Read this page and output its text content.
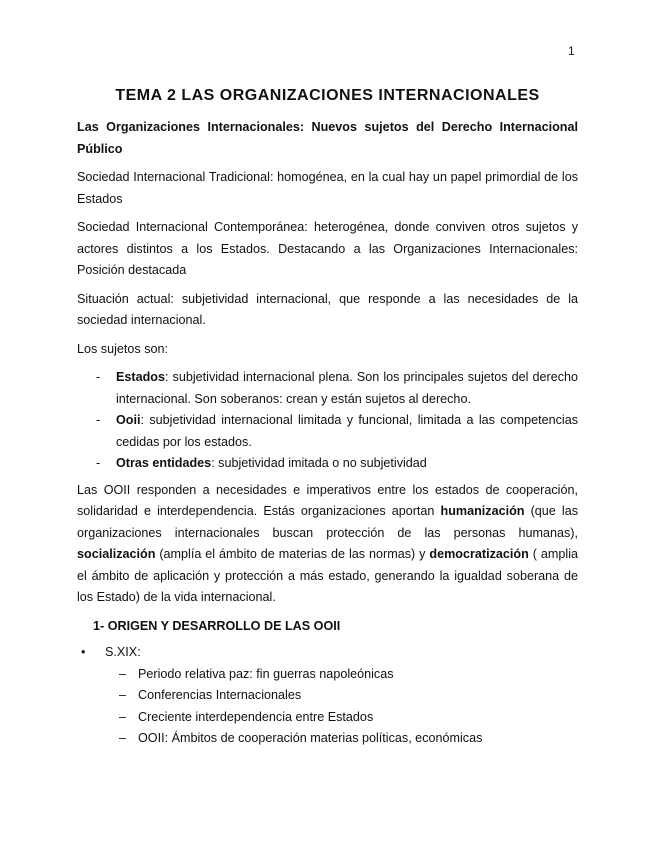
1
TEMA 2 LAS ORGANIZACIONES INTERNACIONALES

Las Organizaciones Internacionales: Nuevos sujetos del Derecho Internacional Público

Sociedad Internacional Tradicional: homogénea, en la cual hay un papel primordial de los Estados

Sociedad Internacional Contemporánea: heterogénea, donde conviven otros sujetos y actores distintos a los Estados. Destacando a las Organizaciones Internacionales: Posición destacada

Situación actual: subjetividad internacional, que responde a las necesidades de la sociedad internacional.

Los sujetos son:

- Estados: subjetividad internacional plena. Son los principales sujetos del derecho internacional. Son soberanos: crean y están sujetos al derecho.
- Ooii: subjetividad internacional limitada y funcional, limitada a las competencias cedidas por los estados.
- Otras entidades: subjetividad imitada o no subjetividad

Las OOII responden a necesidades e imperativos entre los estados de cooperación, solidaridad e interdependencia. Estás organizaciones aportan humanización (que las organizaciones internacionales buscan protección de las personas humanas), socialización (amplía el ámbito de materias de las normas) y democratización ( amplia el ámbito de aplicación y protección a más estado, generando la igualdad soberana de los Estado) de la vida internacional.

1- ORIGEN Y DESARROLLO DE LAS OOII
• S.XIX:
– Periodo relativa paz: fin guerras napoleónicas
– Conferencias Internacionales
– Creciente interdependencia entre Estados
– OOII: Ámbitos de cooperación materias políticas, económicas
